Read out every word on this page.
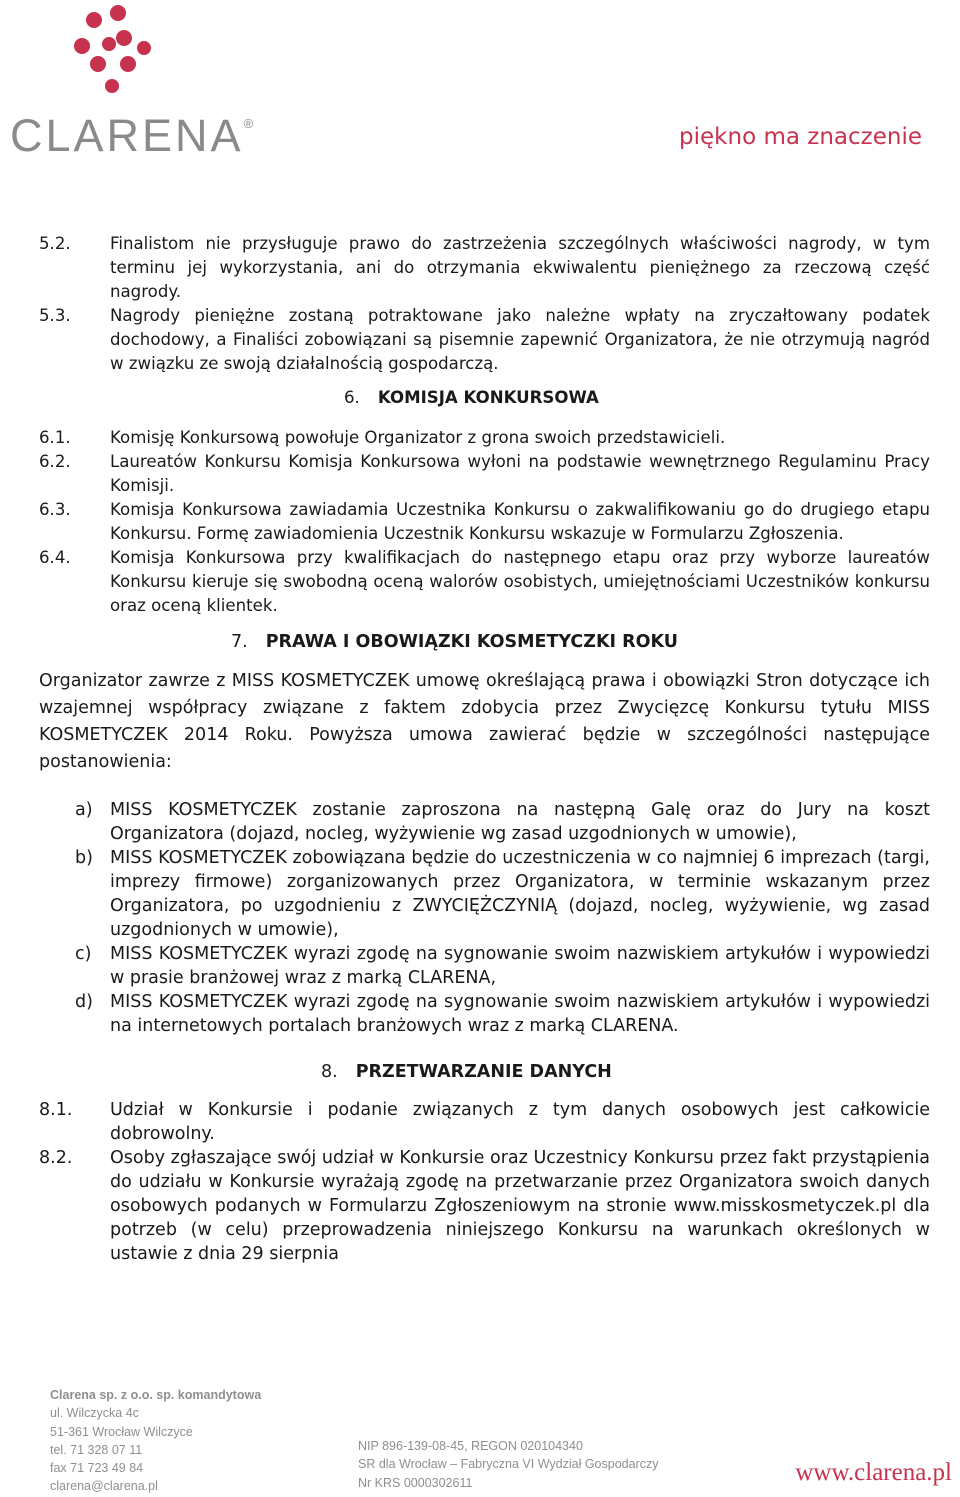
CLARENA®
piękno ma znaczenie
5.2.	Finalistom nie przysługuje prawo do zastrzeżenia szczególnych właściwości nagrody, w tym terminu jej wykorzystania, ani do otrzymania ekwiwalentu pieniężnego za rzeczową część nagrody.
5.3.	Nagrody pieniężne zostaną potraktowane jako należne wpłaty na zryczałtowany podatek dochodowy, a Finaliści zobowiązani są pisemnie zapewnić Organizatora, że nie otrzymują nagród w związku ze swoją działalnością gospodarczą.
6. KOMISJA KONKURSOWA
6.1.	Komisję Konkursową powołuje Organizator z grona swoich przedstawicieli.
6.2.	Laureatów Konkursu Komisja Konkursowa wyłoni na podstawie wewnętrznego Regulaminu Pracy Komisji.
6.3.	Komisja Konkursowa zawiadamia Uczestnika Konkursu o zakwalifikowaniu go do drugiego etapu Konkursu. Formę zawiadomienia Uczestnik Konkursu wskazuje w Formularzu Zgłoszenia.
6.4.	Komisja Konkursowa przy kwalifikacjach do następnego etapu oraz przy wyborze laureatów Konkursu kieruje się swobodną oceną walorów osobistych, umiejętnościami Uczestników konkursu oraz oceną klientek.
7. PRAWA I OBOWIĄZKI KOSMETYCZKI ROKU
Organizator zawrze z MISS KOSMETYCZEK umowę określającą prawa i obowiązki Stron dotyczące ich wzajemnej współpracy związane z faktem zdobycia przez Zwycięzcę Konkursu tytułu MISS KOSMETYCZEK 2014 Roku. Powyższa umowa zawierać będzie w szczególności następujące postanowienia:
a) MISS KOSMETYCZEK zostanie zaproszona na następną Galę oraz do Jury na koszt Organizatora (dojazd, nocleg, wyżywienie wg zasad uzgodnionych w umowie),
b) MISS KOSMETYCZEK zobowiązana będzie do uczestniczenia w co najmniej 6 imprezach (targi, imprezy firmowe) zorganizowanych przez Organizatora, w terminie wskazanym przez Organizatora, po uzgodnieniu z ZWYCIĘŻCZYNIĄ (dojazd, nocleg, wyżywienie, wg zasad uzgodnionych w umowie),
c)	MISS KOSMETYCZEK wyrazi zgodę na sygnowanie swoim nazwiskiem artykułów i wypowiedzi w prasie branżowej wraz z marką CLARENA,
d) MISS KOSMETYCZEK wyrazi zgodę na sygnowanie swoim nazwiskiem artykułów i wypowiedzi na internetowych portalach branżowych wraz z marką CLARENA.
8. PRZETWARZANIE DANYCH
8.1.	Udział w Konkursie i podanie związanych z tym danych osobowych jest całkowicie dobrowolny.
8.2.	Osoby zgłaszające swój udział w Konkursie oraz Uczestnicy Konkursu przez fakt przystąpienia do udziału w Konkursie wyrażają zgodę na przetwarzanie przez Organizatora swoich danych osobowych podanych w Formularzu Zgłoszeniowym na stronie www.misskosmetyczek.pl dla potrzeb (w celu) przeprowadzenia niniejszego Konkursu na warunkach określonych w ustawie z dnia 29 sierpnia
Clarena sp. z o.o. sp. komandytowa
ul. Wilczycka 4c
51-361 Wrocław Wilczyce
tel. 71 328 07 11
fax 71 723 49 84
clarena@clarena.pl
NIP 896-139-08-45, REGON 020104340
SR dla Wrocław – Fabryczna VI Wydział Gospodarczy
Nr KRS 0000302611	www.clarena.pl
